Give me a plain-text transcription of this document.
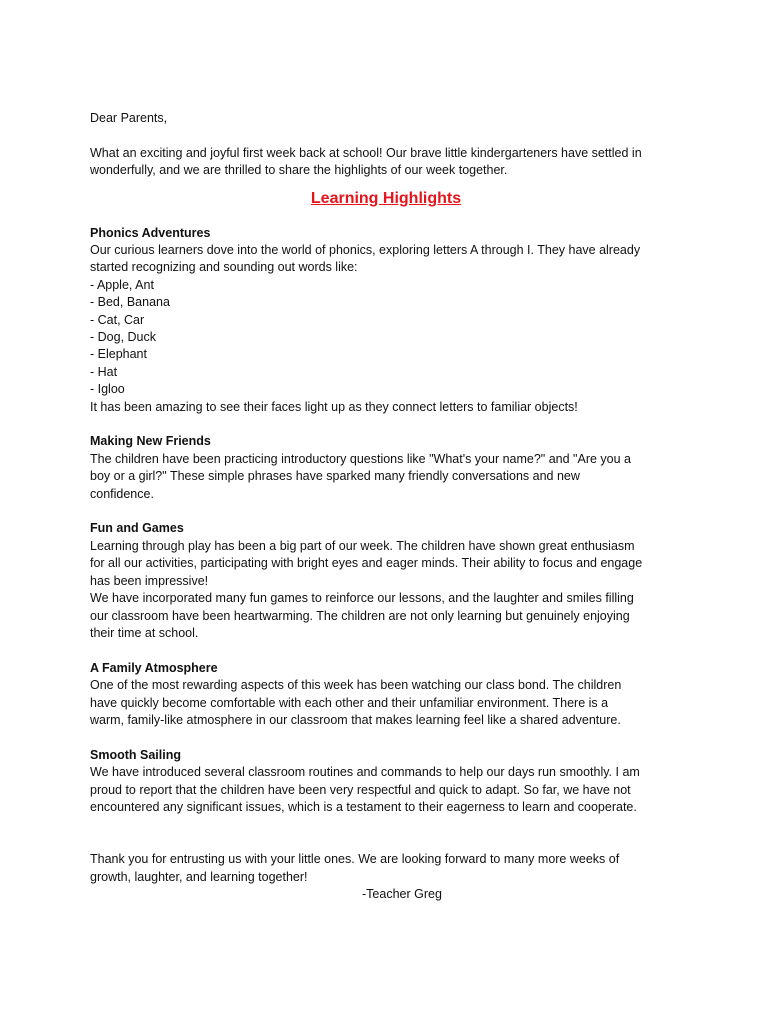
Dear Parents,
What an exciting and joyful first week back at school! Our brave little kindergarteners have settled in
wonderfully, and we are thrilled to share the highlights of our week together.
Learning Highlights
Phonics Adventures
Our curious learners dove into the world of phonics, exploring letters A through I. They have already
started recognizing and sounding out words like:
- Apple, Ant
- Bed, Banana
- Cat, Car
- Dog, Duck
- Elephant
- Hat
- Igloo
It has been amazing to see their faces light up as they connect letters to familiar objects!
Making New Friends
The children have been practicing introductory questions like "What's your name?" and "Are you a
boy or a girl?" These simple phrases have sparked many friendly conversations and new
confidence.
Fun and Games
Learning through play has been a big part of our week. The children have shown great enthusiasm
for all our activities, participating with bright eyes and eager minds. Their ability to focus and engage
has been impressive!
We have incorporated many fun games to reinforce our lessons, and the laughter and smiles filling
our classroom have been heartwarming. The children are not only learning but genuinely enjoying
their time at school.
A Family Atmosphere
One of the most rewarding aspects of this week has been watching our class bond. The children
have quickly become comfortable with each other and their unfamiliar environment. There is a
warm, family-like atmosphere in our classroom that makes learning feel like a shared adventure.
Smooth Sailing
We have introduced several classroom routines and commands to help our days run smoothly. I am
proud to report that the children have been very respectful and quick to adapt. So far, we have not
encountered any significant issues, which is a testament to their eagerness to learn and cooperate.
Thank you for entrusting us with your little ones. We are looking forward to many more weeks of
growth, laughter, and learning together!
-Teacher Greg
